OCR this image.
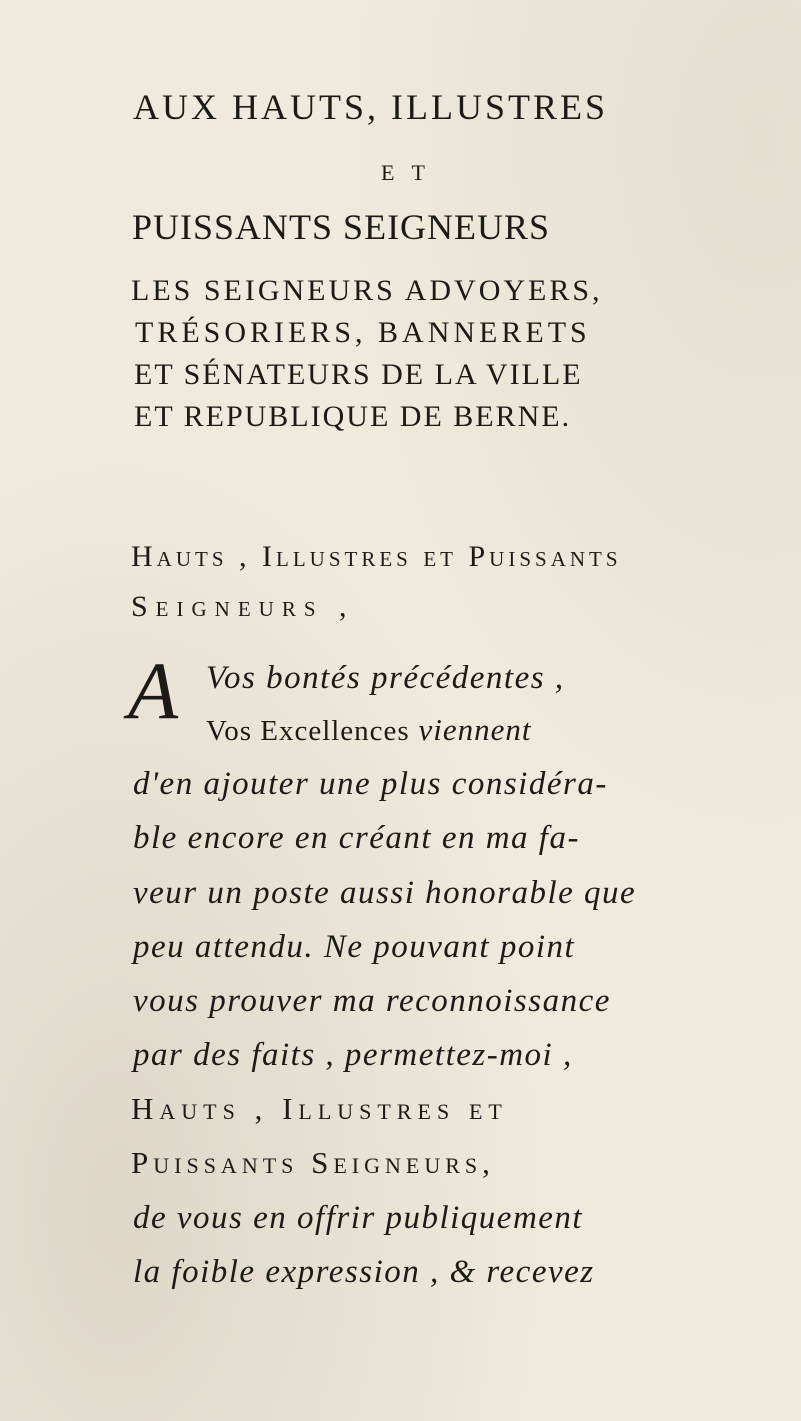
AUX HAUTS, ILLUSTRES
E T
PUISSANTS SEIGNEURS
LES SEIGNEURS ADVOYERS,
TRÉSORIERS, BANNERETS
ET SÉNATEURS DE LA VILLE
ET REPUBLIQUE DE BERNE.
Hauts , Illustres et Puissants
Seigneurs ,
A Vos bontés précédentes ,
Vos Excellences viennent
d'en ajouter une plus considéra-
ble encore en créant en ma fa-
veur un poste aussi honorable que
peu attendu. Ne pouvant point
vous prouver ma reconnoissance
par des faits , permettez-moi ,
Hauts , Illustres et
Puissants Seigneurs,
de vous en offrir publiquement
la foible expression , & recevez
